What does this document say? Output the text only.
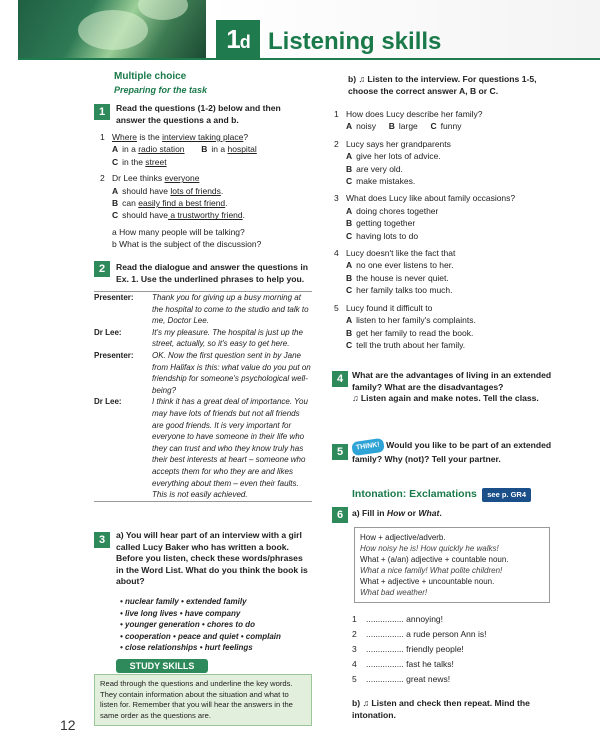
1d Listening skills
Multiple choice
Preparing for the task
1	Read the questions (1-2) below and then answer the questions a and b.
1 Where is the interview taking place?
A in a radio station B in a hospital
C in the street
2 Dr Lee thinks everyone
A should have lots of friends.
B can easily find a best friend.
C should have a trustworthy friend.
a How many people will be talking?
b What is the subject of the discussion?
2	Read the dialogue and answer the questions in Ex. 1. Use the underlined phrases to help you.
Presenter:	Thank you for giving up a busy morning at the hospital to come to the studio and talk to me, Doctor Lee.
Dr Lee:	It's my pleasure. The hospital is just up the street, actually, so it's easy to get here.
Presenter:	OK. Now the first question sent in by Jane from Halifax is this: what value do you put on friendship for someone's psychological well-being?
Dr Lee:	I think it has a great deal of importance. You may have lots of friends but not all friends are good friends. It is very important for everyone to have someone in their life who they can trust and who they know truly has their best interests at heart – someone who accepts them for who they are and likes everything about them – even their faults. This is not easily achieved.
3	a) You will hear part of an interview with a girl called Lucy Baker who has written a book. Before you listen, check these words/phrases in the Word List. What do you think the book is about?
• nuclear family • extended family
• live long lives • have company
• younger generation • chores to do
• cooperation • peace and quiet • complain
• close relationships • hurt feelings
STUDY SKILLS
Read through the questions and underline the key words. They contain information about the situation and what to listen for. Remember that you will hear the answers in the same order as the questions are.
b) ♫ Listen to the interview. For questions 1-5, choose the correct answer A, B or C.
1 How does Lucy describe her family?
A noisy B large C funny
2 Lucy says her grandparents
A give her lots of advice.
B are very old.
C make mistakes.
3 What does Lucy like about family occasions?
A doing chores together
B getting together
C having lots to do
4 Lucy doesn't like the fact that
A no one ever listens to her.
B the house is never quiet.
C her family talks too much.
5 Lucy found it difficult to
A listen to her family's complaints.
B get her family to read the book.
C tell the truth about her family.
4	What are the advantages of living in an extended family? What are the disadvantages?
♫ Listen again and make notes. Tell the class.
5	THINK! Would you like to be part of an extended family? Why (not)? Tell your partner.
Intonation: Exclamations see p. GR4
6	a) Fill in How or What.
How + adjective/adverb.
How noisy he is! How quickly he walks!
What + (a/an) adjective + countable noun.
What a nice family! What polite children!
What + adjective + uncountable noun.
What bad weather!
1	................ annoying!
2	................ a rude person Ann is!
3	................ friendly people!
4	................ fast he talks!
5	................ great news!
b) ♫ Listen and check then repeat. Mind the intonation.
12
